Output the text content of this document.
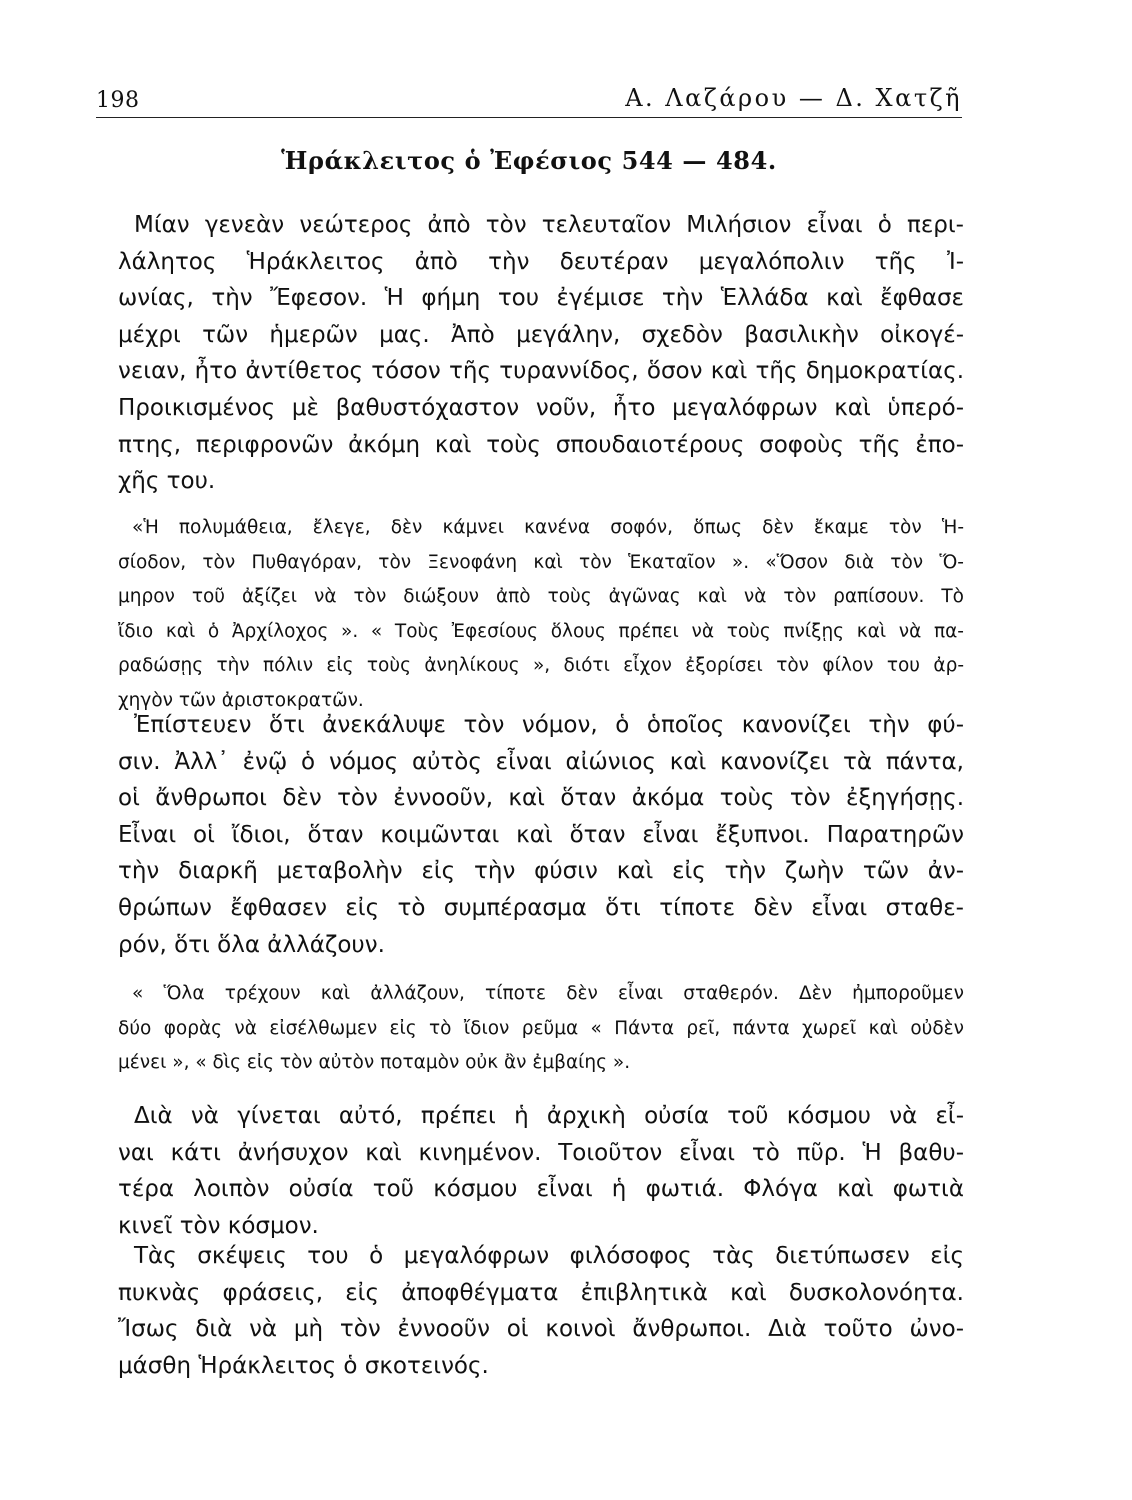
198	Α. Λαζάρου — Δ. Χατζῆ
Ἡράκλειτος ὁ Ἐφέσιος 544 — 484.
Μίαν γενεὰν νεώτερος ἀπὸ τὸν τελευταῖον Μιλήσιον εἶναι ὁ περι-
λάλητος Ἡράκλειτος ἀπὸ τὴν δευτέραν μεγαλόπολιν τῆς Ἰ-
ωνίας, τὴν Ἔφεσον. Ἡ φήμη του ἐγέμισε τὴν Ἑλλάδα καὶ ἔφθασε
μέχρι τῶν ἡμερῶν μας. Ἀπὸ μεγάλην, σχεδὸν βασιλικὴν οἰκογέ-
νειαν, ἦτο ἀντίθετος τόσον τῆς τυραννίδος, ὅσον καὶ τῆς δημοκρατίας.
Προικισμένος μὲ βαθυστόχαστον νοῦν, ἦτο μεγαλόφρων καὶ ὑπερό-
πτης, περιφρονῶν ἀκόμη καὶ τοὺς σπουδαιοτέρους σοφοὺς τῆς ἐπο-
χῆς του.
«Ἡ πολυμάθεια, ἔλεγε, δὲν κάμνει κανένα σοφόν, ὅπως δὲν ἔκαμε τὸν Ἡ-
σίοδον, τὸν Πυθαγόραν, τὸν Ξενοφάνη καὶ τὸν Ἑκαταῖον ». «Ὅσον διὰ τὸν Ὅ-
μηρον τοῦ ἀξίζει νὰ τὸν διώξουν ἀπὸ τοὺς ἀγῶνας καὶ νὰ τὸν ραπίσουν. Τὸ
ἴδιο καὶ ὁ Ἀρχίλοχος ». « Τοὺς Ἐφεσίους ὅλους πρέπει νὰ τοὺς πνίξῃς καὶ νὰ πα-
ραδώσῃς τὴν πόλιν εἰς τοὺς ἀνηλίκους », διότι εἶχον ἐξορίσει τὸν φίλον του ἀρ-
χηγὸν τῶν ἀριστοκρατῶν.
Ἐπίστευεν ὅτι ἀνεκάλυψε τὸν νόμον, ὁ ὁποῖος κανονίζει τὴν φύ-
σιν. Ἀλλ᾽ ἐνῷ ὁ νόμος αὐτὸς εἶναι αἰώνιος καὶ κανονίζει τὰ πάντα,
οἱ ἄνθρωποι δὲν τὸν ἐννοοῦν, καὶ ὅταν ἀκόμα τοὺς τὸν ἐξηγήσῃς.
Εἶναι οἱ ἴδιοι, ὅταν κοιμῶνται καὶ ὅταν εἶναι ἔξυπνοι. Παρατηρῶν
τὴν διαρκῆ μεταβολὴν εἰς τὴν φύσιν καὶ εἰς τὴν ζωὴν τῶν ἀν-
θρώπων ἔφθασεν εἰς τὸ συμπέρασμα ὅτι τίποτε δὲν εἶναι σταθε-
ρόν, ὅτι ὅλα ἀλλάζουν.
« Ὅλα τρέχουν καὶ ἀλλάζουν, τίποτε δὲν εἶναι σταθερόν. Δὲν ἠμποροῦμεν
δύο φορὰς νὰ εἰσέλθωμεν εἰς τὸ ἴδιον ρεῦμα « Πάντα ρεῖ, πάντα χωρεῖ καὶ οὐδὲν
μένει », « δὶς εἰς τὸν αὐτὸν ποταμὸν οὐκ ἂν ἐμβαίης ».
Διὰ νὰ γίνεται αὐτό, πρέπει ἡ ἀρχικὴ οὐσία τοῦ κόσμου νὰ εἶ-
ναι κάτι ἀνήσυχον καὶ κινημένον. Τοιοῦτον εἶναι τὸ πῦρ. Ἡ βαθυ-
τέρα λοιπὸν οὐσία τοῦ κόσμου εἶναι ἡ φωτιά. Φλόγα καὶ φωτιὰ
κινεῖ τὸν κόσμον.
Τὰς σκέψεις του ὁ μεγαλόφρων φιλόσοφος τὰς διετύπωσεν εἰς
πυκνὰς φράσεις, εἰς ἀποφθέγματα ἐπιβλητικὰ καὶ δυσκολονόητα.
Ἴσως διὰ νὰ μὴ τὸν ἐννοοῦν οἱ κοινοὶ ἄνθρωποι. Διὰ τοῦτο ὠνο-
μάσθη Ἡράκλειτος ὁ σκοτεινός.
